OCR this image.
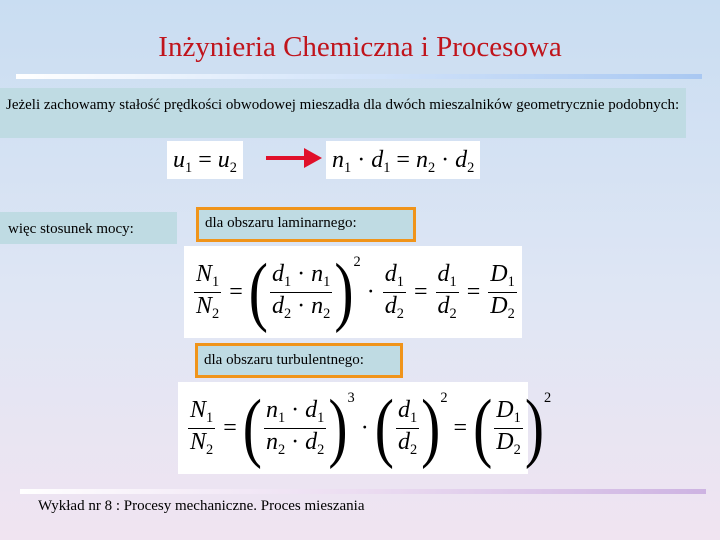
Inżynieria Chemiczna i Procesowa
Jeżeli zachowamy stałość prędkości obwodowej mieszadła dla dwóch mieszalników geometrycznie podobnych:
$u_1 = u_2$	$n_1 \cdot d_1 = n_2 \cdot d_2$
więc stosunek mocy:	dla obszaru laminarnego:
$\frac{N_1}{N_2}$ = ( $\frac{d_1 \cdot n_1}{d_2 \cdot n_2}$ ) 2
· $\frac{d_1}{d_2} = \frac{d_1}{d_2} = \frac{D_1}{D_2}$
dla obszaru turbulentnego:
$\frac{N_1}{N_2}$ = ( $\frac{n_1 \cdot d_1}{n_2 \cdot d_2}$ ) 3
· ( $\frac{d_1}{d_2}$ ) 2
= ( $\frac{D_1}{D_2}$ ) 2
Wykład nr 8 : Procesy mechaniczne. Proces mieszania
